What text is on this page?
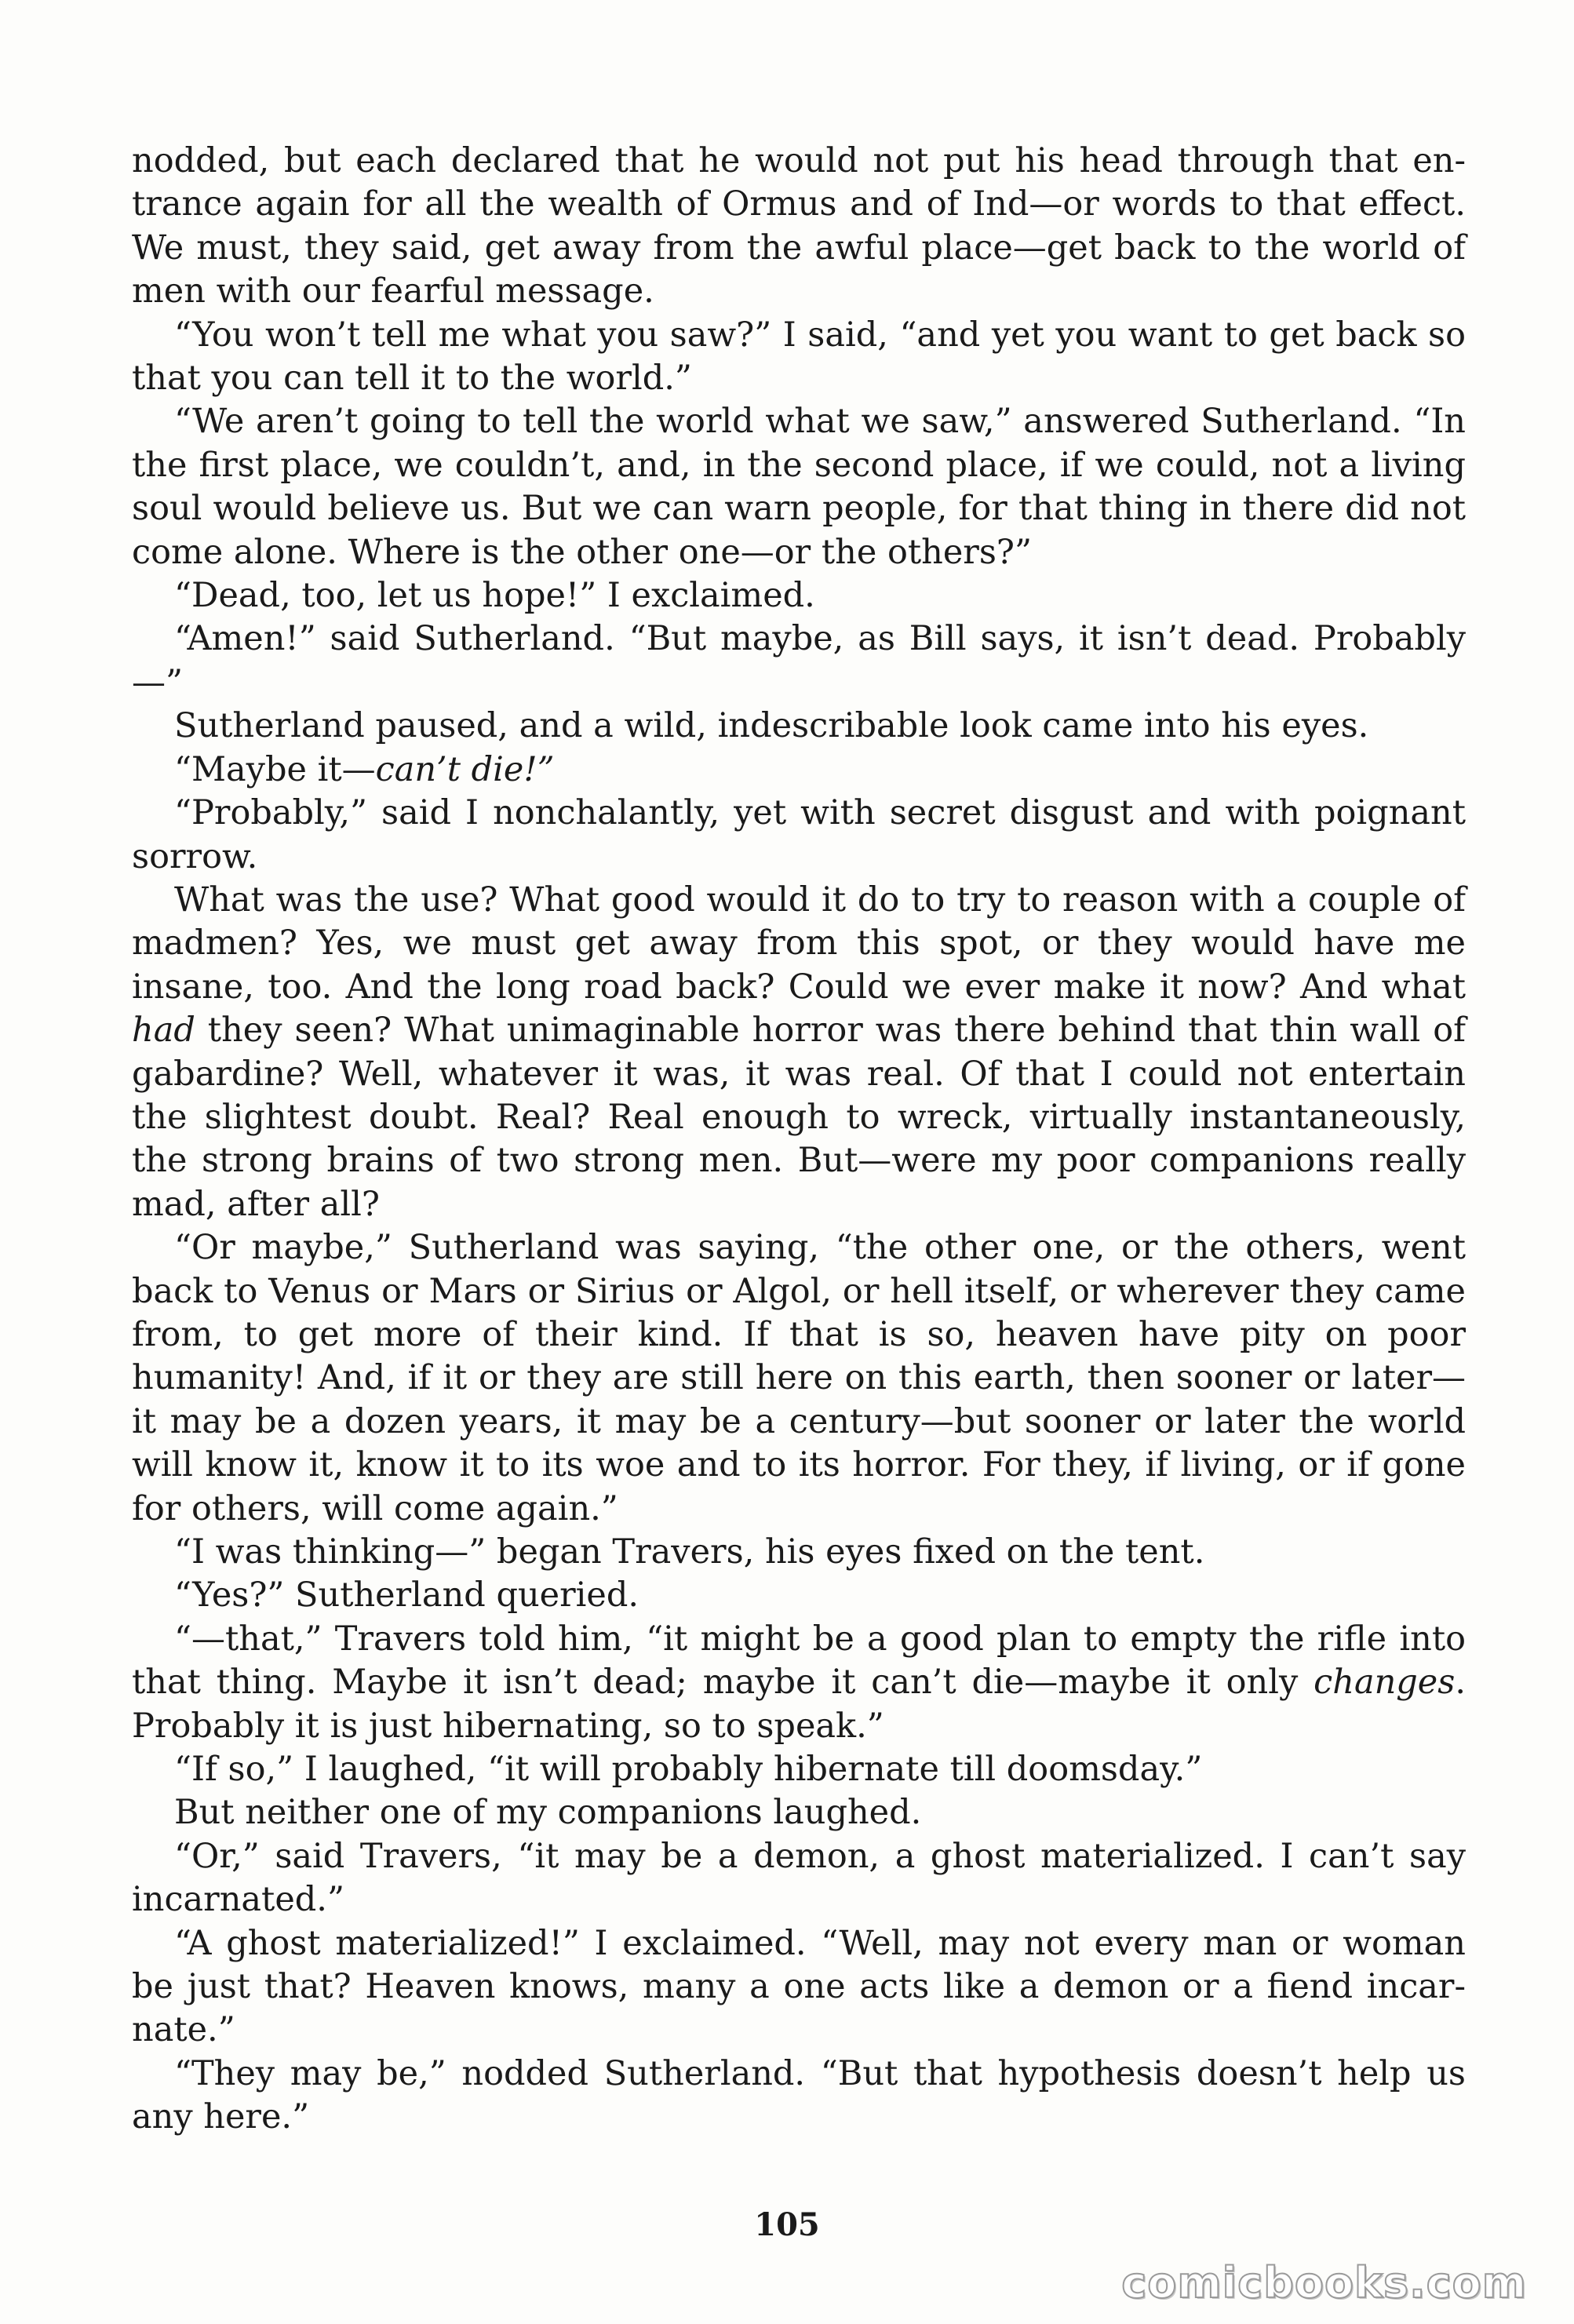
nodded, but each declared that he would not put his head through that entrance again for all the wealth of Ormus and of Ind—or words to that effect. We must, they said, get away from the awful place—get back to the world of men with our fearful message.

“You won’t tell me what you saw?” I said, “and yet you want to get back so that you can tell it to the world.”

“We aren’t going to tell the world what we saw,” answered Sutherland. “In the first place, we couldn’t, and, in the second place, if we could, not a living soul would believe us. But we can warn people, for that thing in there did not come alone. Where is the other one—or the others?”

“Dead, too, let us hope!” I exclaimed.

“Amen!” said Sutherland. “But maybe, as Bill says, it isn’t dead. Probably—”

Sutherland paused, and a wild, indescribable look came into his eyes.

“Maybe it—can’t die!”

“Probably,” said I nonchalantly, yet with secret disgust and with poignant sorrow.

What was the use? What good would it do to try to reason with a couple of madmen? Yes, we must get away from this spot, or they would have me insane, too. And the long road back? Could we ever make it now? And what had they seen? What unimaginable horror was there behind that thin wall of gabardine? Well, whatever it was, it was real. Of that I could not entertain the slightest doubt. Real? Real enough to wreck, virtually instantaneously, the strong brains of two strong men. But—were my poor companions really mad, after all?

“Or maybe,” Sutherland was saying, “the other one, or the others, went back to Venus or Mars or Sirius or Algol, or hell itself, or wherever they came from, to get more of their kind. If that is so, heaven have pity on poor humanity! And, if it or they are still here on this earth, then sooner or later—it may be a dozen years, it may be a century—but sooner or later the world will know it, know it to its woe and to its horror. For they, if living, or if gone for others, will come again.”

“I was thinking—” began Travers, his eyes fixed on the tent.

“Yes?” Sutherland queried.

“—that,” Travers told him, “it might be a good plan to empty the rifle into that thing. Maybe it isn’t dead; maybe it can’t die—maybe it only changes. Probably it is just hibernating, so to speak.”

“If so,” I laughed, “it will probably hibernate till doomsday.”

But neither one of my companions laughed.

“Or,” said Travers, “it may be a demon, a ghost materialized. I can’t say incarnated.”

“A ghost materialized!” I exclaimed. “Well, may not every man or woman be just that? Heaven knows, many a one acts like a demon or a fiend incarnate.”

“They may be,” nodded Sutherland. “But that hypothesis doesn’t help us any here.”

105
comicbooks.com
